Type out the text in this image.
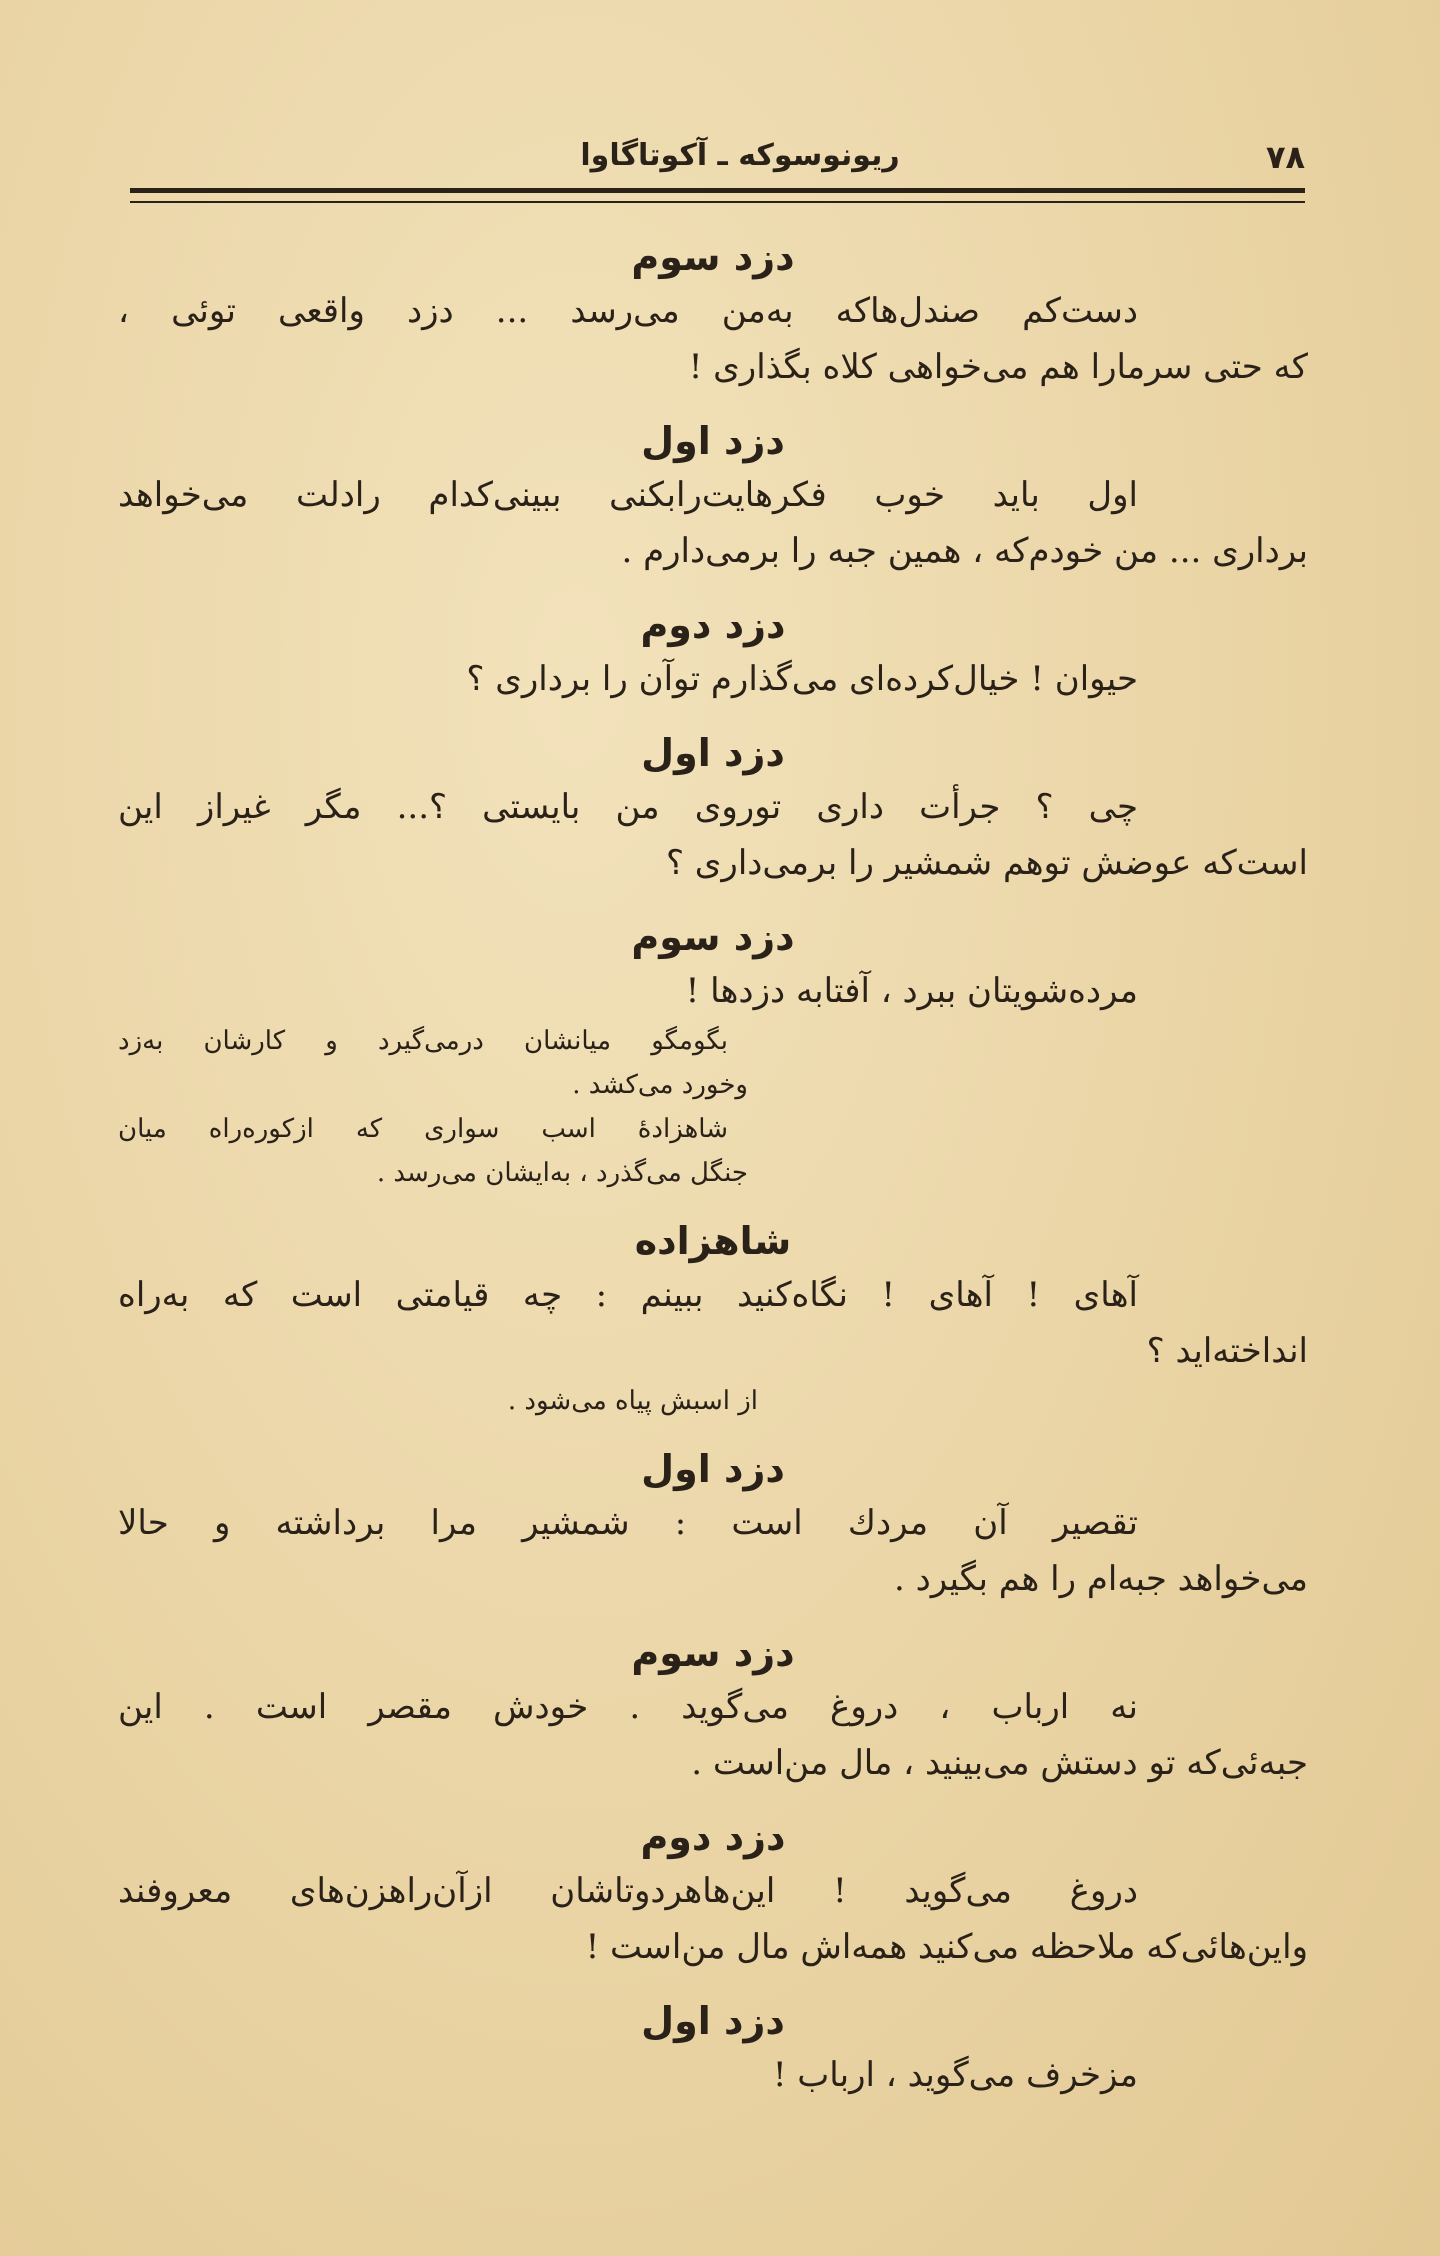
ریونوسوکه ـ آکوتاگاوا	۷۸
دزد سوم
دست‌کم صندل‌هاکه به‌من می‌رسد ... دزد واقعی توئی ،
که حتی سرمارا هم می‌خواهی کلاه بگذاری !
دزد اول
اول باید خوب فکرهایت‌رابکنی ببینی‌کدام رادلت می‌خواهد
برداری ... من خودم‌که ، همین جبه را برمی‌دارم .
دزد دوم
حیوان ! خیال‌کرده‌ای می‌گذارم توآن را برداری ؟
دزد اول
چی ؟ جرأت داری توروی من بایستی ؟... مگر غیراز این
است‌که عوضش توهم شمشیر را برمی‌داری ؟
دزد سوم
مرده‌شویتان ببرد ، آفتابه دزدها !
بگومگو میانشان درمی‌گیرد و کارشان به‌زد
وخورد می‌کشد .
شاهزادهٔ اسب سواری که ازکوره‌راه میان
جنگل می‌گذرد ، به‌ایشان می‌رسد .
شاهزاده
آهای ! آهای ! نگاه‌کنید ببینم : چه قیامتی است که به‌راه
انداخته‌اید ؟
از اسبش پیاه می‌شود .
دزد اول
تقصیر آن مردك است : شمشیر مرا برداشته و حالا
می‌خواهد جبه‌ام را هم بگیرد .
دزد سوم
نه ارباب ، دروغ می‌گوید . خودش مقصر است . این
جبه‌ئی‌که تو دستش می‌بینید ، مال من‌است .
دزد دوم
دروغ می‌گوید ! این‌هاهردوتاشان ازآن‌راهزن‌های معروفند
واین‌هائی‌که ملاحظه می‌کنید همه‌اش مال من‌است !
دزد اول
مزخرف می‌گوید ، ارباب !
